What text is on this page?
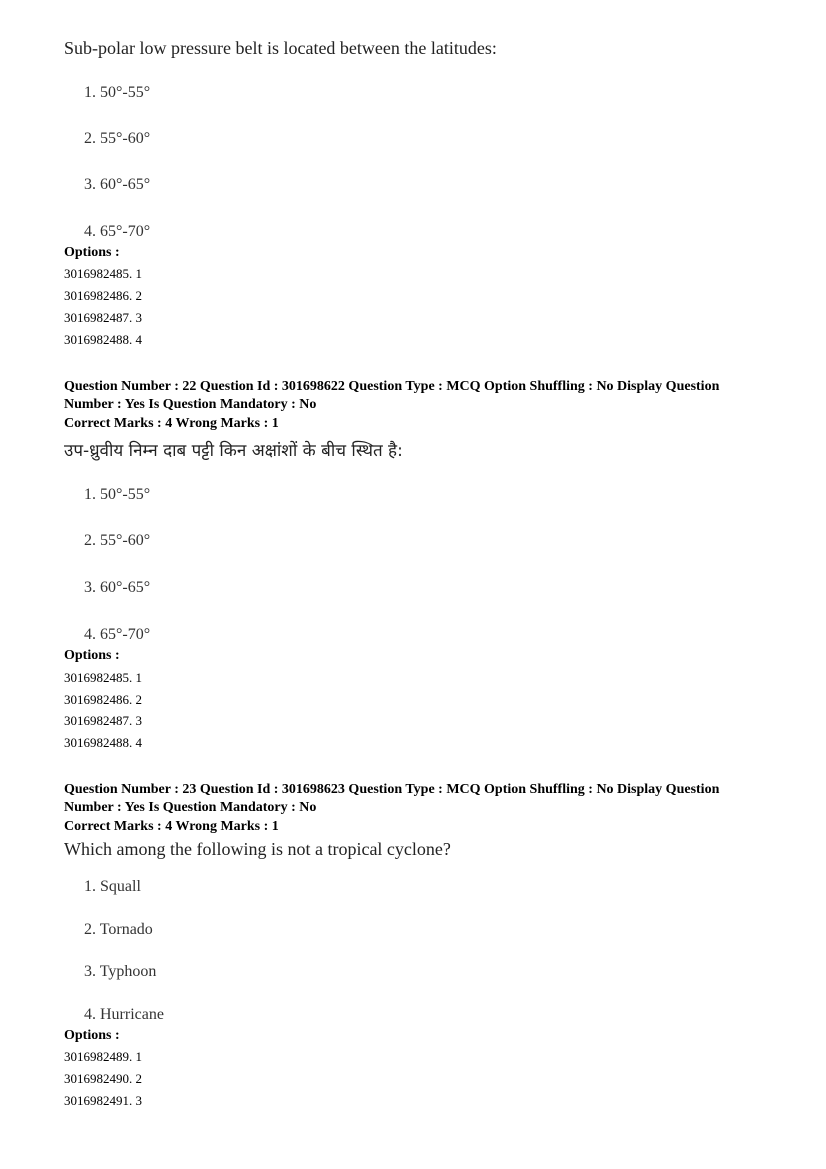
Sub-polar low pressure belt is located between the latitudes:
1. 50°-55°
2. 55°-60°
3. 60°-65°
4. 65°-70°
Options :
3016982485. 1
3016982486. 2
3016982487. 3
3016982488. 4
Question Number : 22 Question Id : 301698622 Question Type : MCQ Option Shuffling : No Display Question
Number : Yes Is Question Mandatory : No
Correct Marks : 4 Wrong Marks : 1
उप-ध्रुवीय निम्न दाब पट्टी किन अक्षांशों के बीच स्थित है:
1. 50°-55°
2. 55°-60°
3. 60°-65°
4. 65°-70°
Options :
3016982485. 1
3016982486. 2
3016982487. 3
3016982488. 4
Question Number : 23 Question Id : 301698623 Question Type : MCQ Option Shuffling : No Display Question
Number : Yes Is Question Mandatory : No
Correct Marks : 4 Wrong Marks : 1
Which among the following is not a tropical cyclone?
1. Squall
2. Tornado
3. Typhoon
4. Hurricane
Options :
3016982489. 1
3016982490. 2
3016982491. 3
